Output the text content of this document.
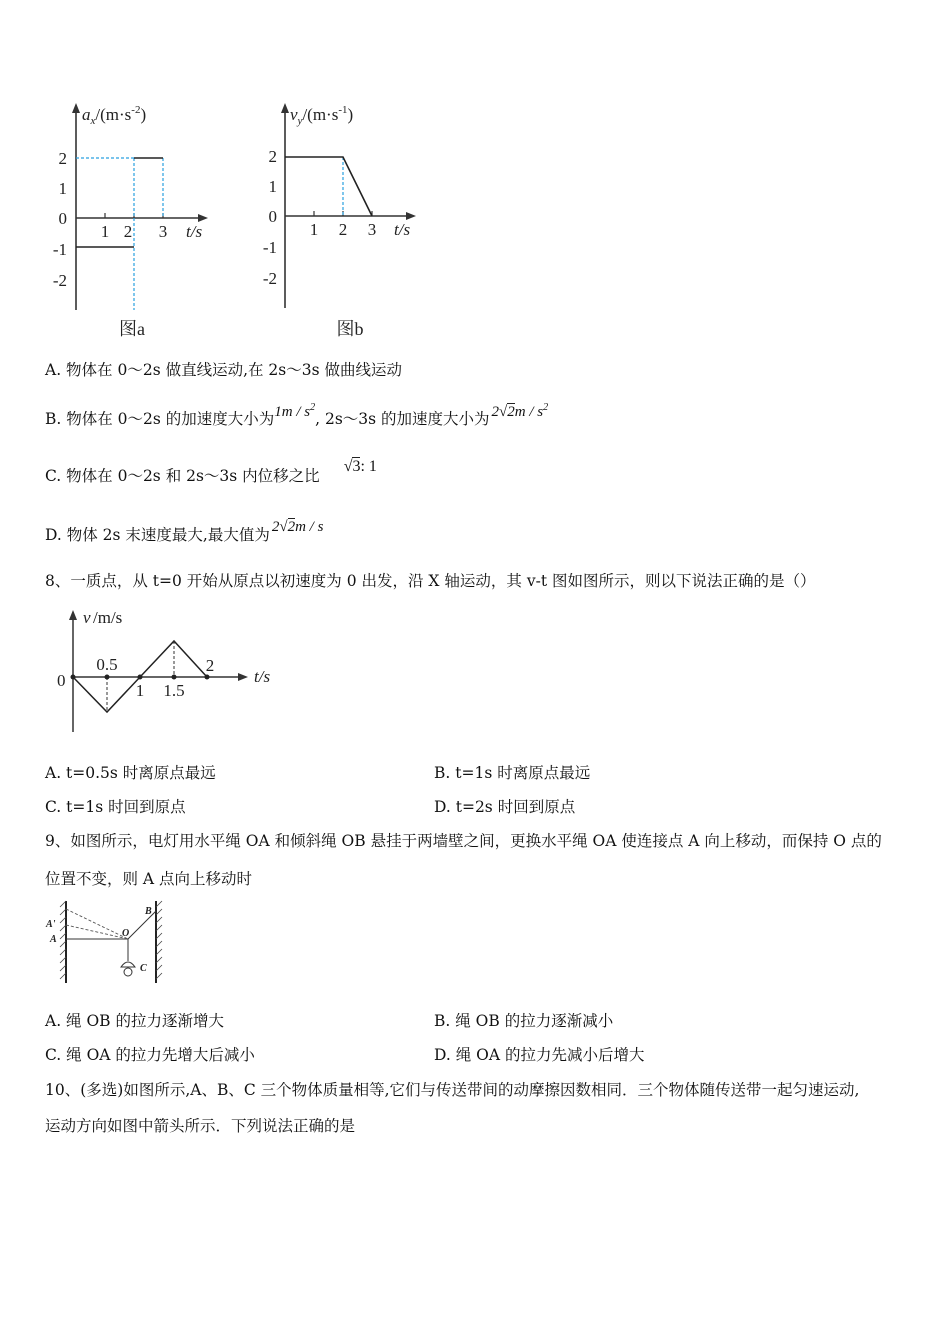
$a_x/(m\cdot s^{-2})$
2
1
0
-1
-2
1 2 3 t/s
图a
$v_y/(m\cdot s^{-1})$
2
1
0
-1
-2
1 2 3 t/s
图b
A. 物体在 0～2s 做直线运动,在 2s～3s 做曲线运动
B. 物体在 0～2s 的加速度大小为$1m / s^2$, 2s～3s 的加速度大小为 $2√2m / s^2$
C. 物体在 0～2s 和 2s～3s 内位移之比√3: 1
D. 物体 2s 末速度最大,最大值为 2√2m / s
8、一质点，从 t=0 开始从原点以初速度为 0 出发，沿 X 轴运动，其 v-t 图如图所示，则以下说法正确的是（）
v /m/s
0
0.5
1 1.5
2
t/s
A. t=0.5s 时离原点最远	B. t=1s 时离原点最远
C. t=1s 时回到原点	D. t=2s 时回到原点
9、如图所示，电灯用水平绳 OA 和倾斜绳 OB 悬挂于两墙壁之间，更换水平绳 OA 使连接点 A 向上移动，而保持 O 点的
位置不变，则 A 点向上移动时
A'
A
O
B
C
A. 绳 OB 的拉力逐渐增大	B. 绳 OB 的拉力逐渐减小
C. 绳 OA 的拉力先增大后减小	D. 绳 OA 的拉力先减小后增大
10、(多选)如图所示,A、B、C 三个物体质量相等,它们与传送带间的动摩擦因数相同．三个物体随传送带一起匀速运动,
运动方向如图中箭头所示．下列说法正确的是
